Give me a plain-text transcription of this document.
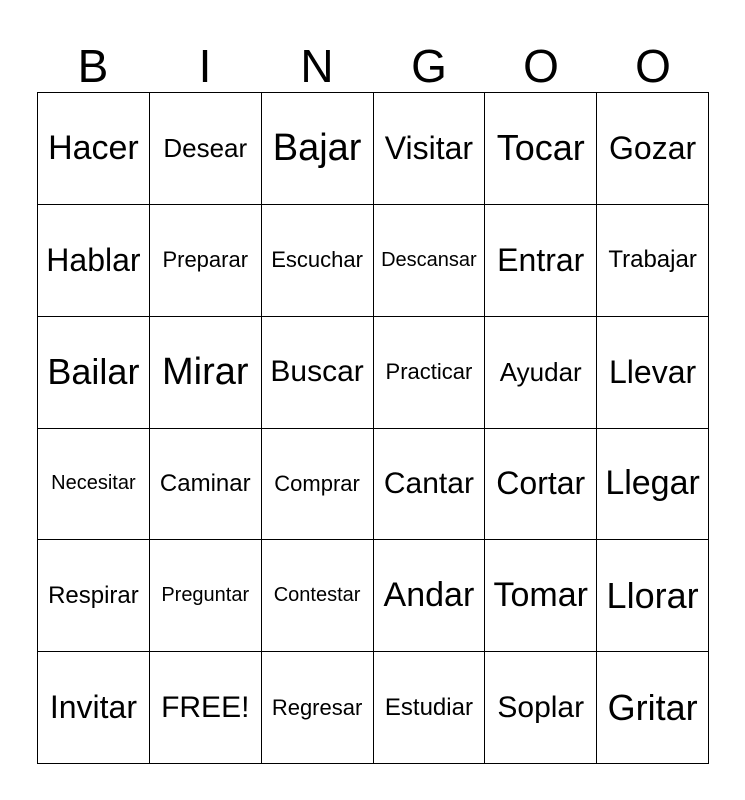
B	I	N	G	O	O
Hacer Desear Bajar Visitar Tocar Gozar
Hablar Preparar	Escuchar Descansar Entrar	Trabajar
Bailar Mirar Buscar Practicar	Ayudar Llevar
Necesitar	Caminar	Comprar Cantar Cortar Llegar
Respirar	Preguntar	Contestar Andar Tomar Llorar
Invitar FREE!	Regresar Estudiar Soplar Gritar
